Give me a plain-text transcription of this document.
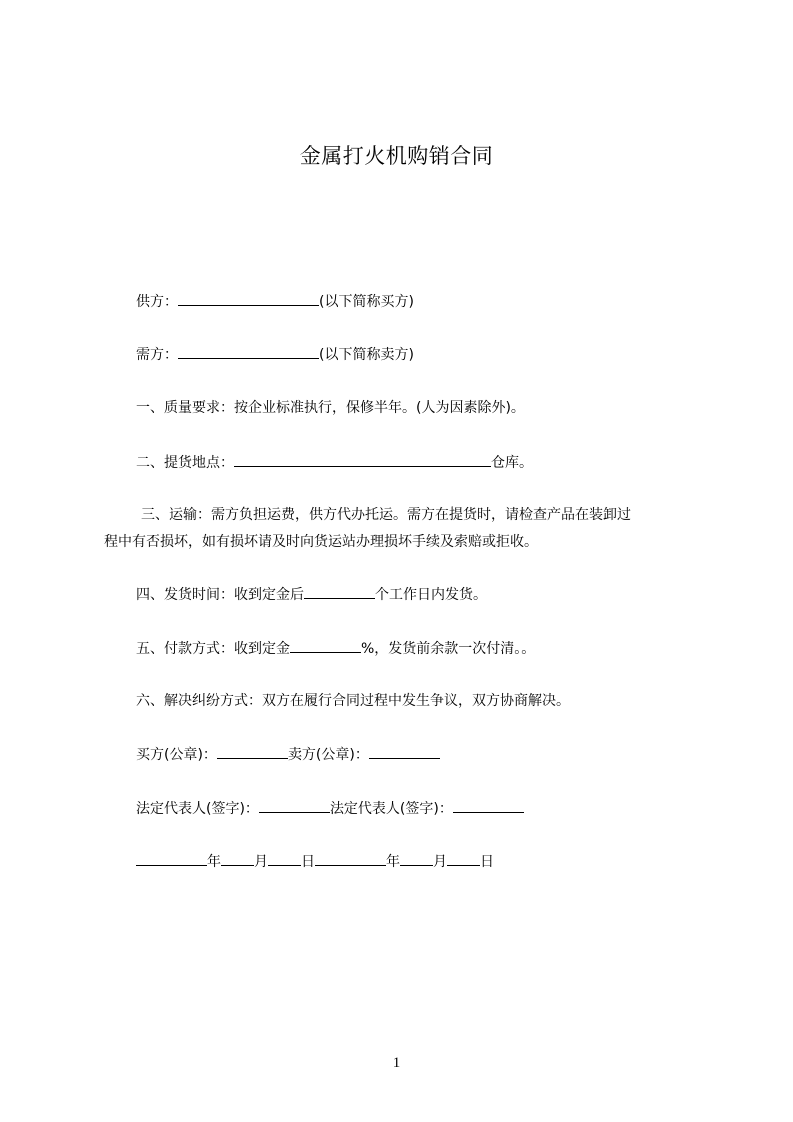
金属打火机购销合同
供方：	(以下简称买方)
需方：	(以下简称卖方)
一、质量要求：按企业标准执行，保修半年。(人为因素除外)。
二、提货地点：	仓库。
三、运输：需方负担运费，供方代办托运。需方在提货时，请检查产品在装卸过
程中有否损坏，如有损坏请及时向货运站办理损坏手续及索赔或拒收。
四、发货时间：收到定金后	个工作日内发货。
五、付款方式：收到定金	%，发货前余款一次付清。。
六、解决纠纷方式：双方在履行合同过程中发生争议，双方协商解决。
买方(公章)：	卖方(公章)：
法定代表人(签字)：	法定代表人(签字)：
年 月 日	年 月 日
1
